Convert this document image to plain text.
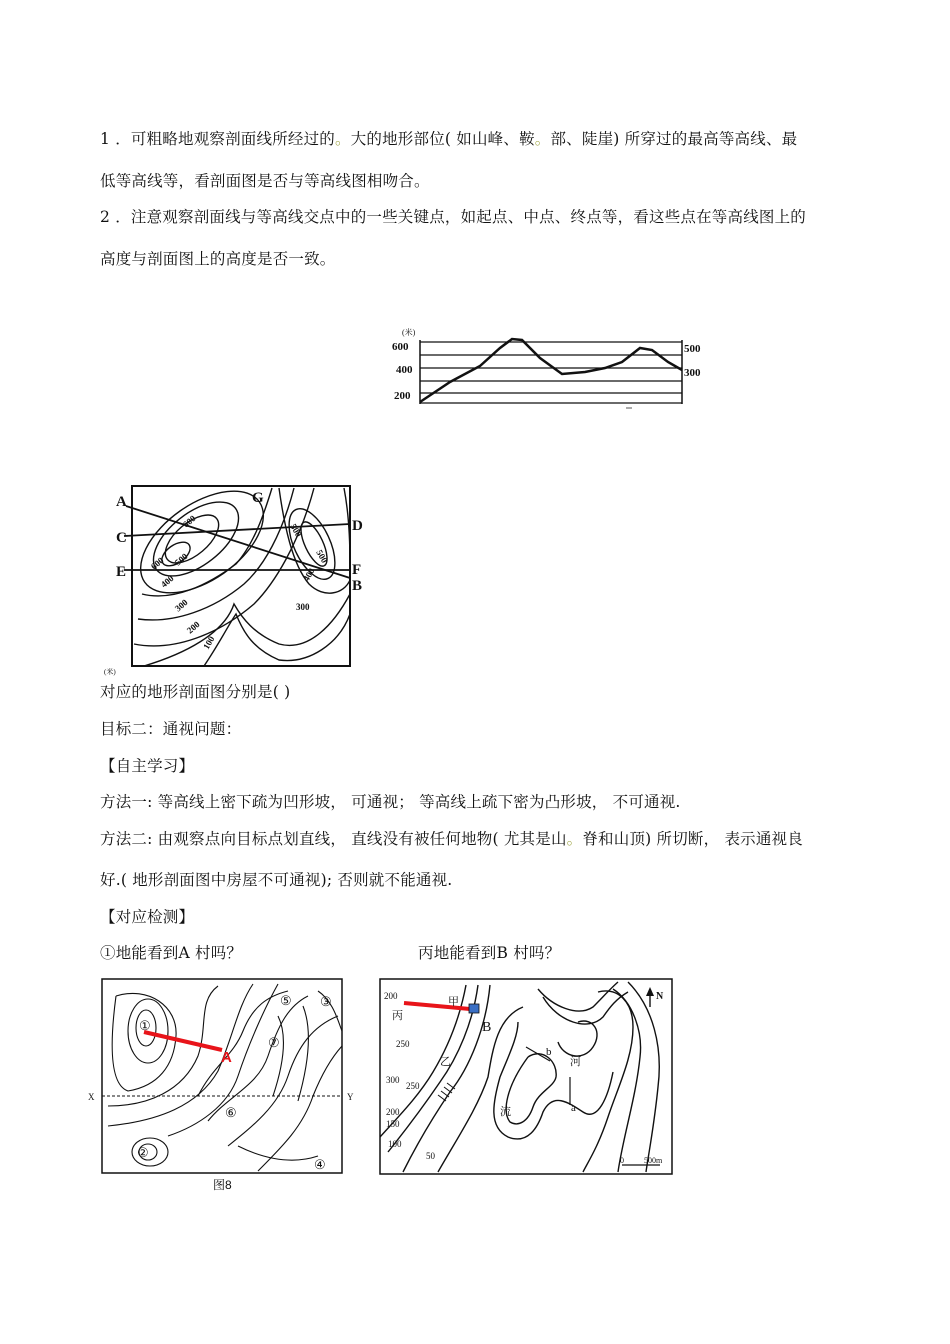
1 ．可粗略地观察剖面线所经过的。大的地形部位( 如山峰、鞍。部、陡崖) 所穿过的最高等高线、最
低等高线等，看剖面图是否与等高线图相吻合。
2 ．注意观察剖面线与等高线交点中的一些关键点，如起点、中点、终点等，看这些点在等高线图上的
高度与剖面图上的高度是否一致。
(米)
600
400
200
500
300
A
C
E
G
D
F
B
600
500
600
400
300
200
100
500
500
400
300
(米)
对应的地形剖面图分别是( )
目标二：通视问题：
【自主学习】
方法一: 等高线上密下疏为凹形坡， 可通视； 等高线上疏下密为凸形坡， 不可通视.
方法二: 由观察点向目标点划直线， 直线没有被任何地物( 尤其是山。脊和山顶) 所切断， 表示通视良
好.( 地形剖面图中房屋不可通视); 否则就不能通视.
【对应检测】
①地能看到A 村吗？	丙地能看到B 村吗？
①
②
③
④
⑤
⑥
⑦
A
X	Y
图8
200
250
300
250
200
150
100
50
丙
甲
乙	河
流
b
a
B
N
0	500m
